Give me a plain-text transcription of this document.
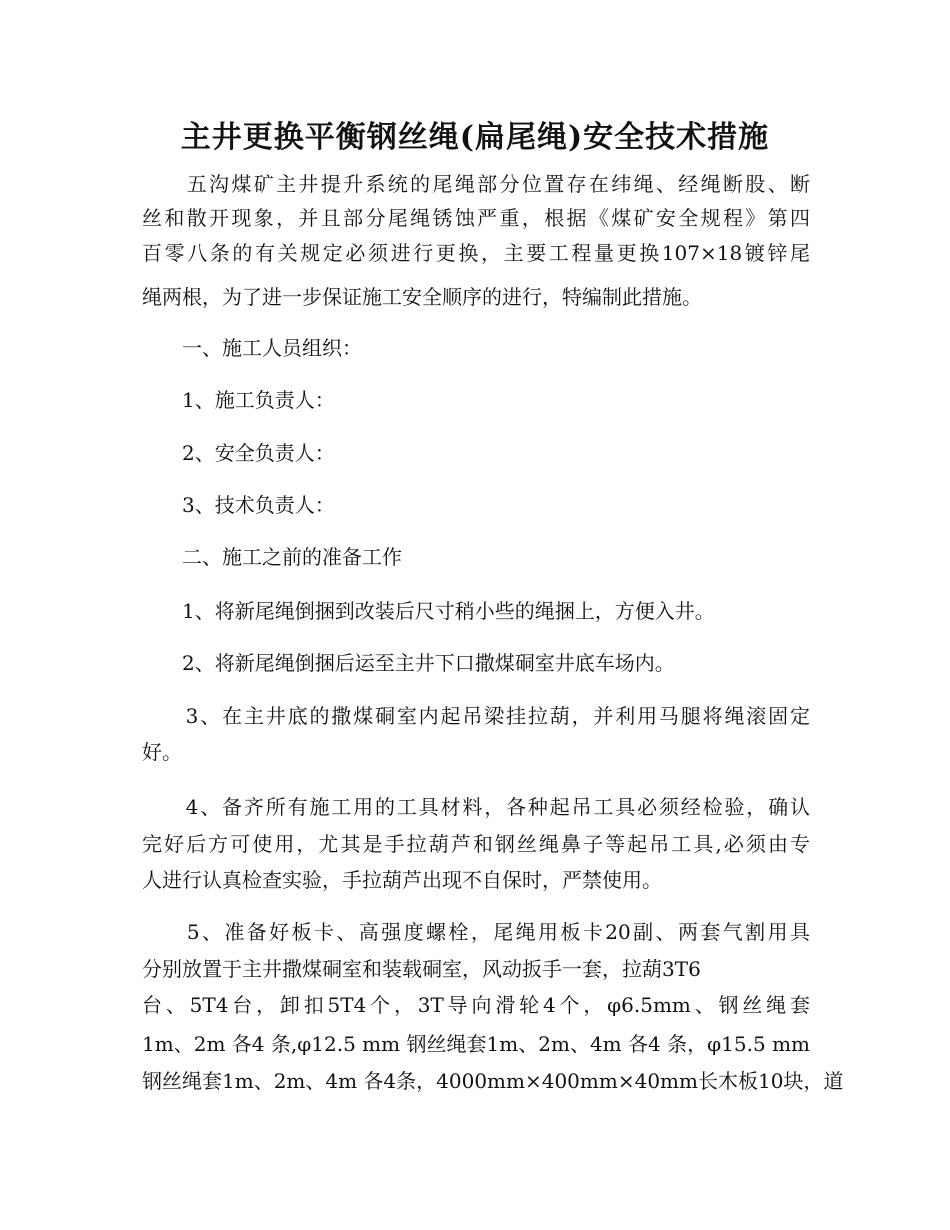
主井更换平衡钢丝绳(扁尾绳)安全技术措施
　　五沟煤矿主井提升系统的尾绳部分位置存在纬绳、经绳断股、断
丝和散开现象，并且部分尾绳锈蚀严重，根据《煤矿安全规程》第四
百零八条的有关规定必须进行更换，主要工程量更换107×18镀锌尾
绳两根，为了进一步保证施工安全顺序的进行，特编制此措施。
　　一、施工人员组织：
　　1、施工负责人：
　　2、安全负责人：
　　3、技术负责人：
　　二、施工之前的准备工作
　　1、将新尾绳倒捆到改装后尺寸稍小些的绳捆上，方便入井。
　　2、将新尾绳倒捆后运至主井下口撒煤硐室井底车场内。
　　3、在主井底的撒煤硐室内起吊梁挂拉葫，并利用马腿将绳滚固定
好。
　　4、备齐所有施工用的工具材料，各种起吊工具必须经检验，确认
完好后方可使用，尤其是手拉葫芦和钢丝绳鼻子等起吊工具,必须由专
人进行认真检查实验，手拉葫芦出现不自保时，严禁使用。
　　5、准备好板卡、高强度螺栓，尾绳用板卡20副、两套气割用具
分别放置于主井撒煤硐室和装载硐室，风动扳手一套，拉葫3T6
台、5T4台，卸扣5T4个，3T导向滑轮4个，φ6.5mm、钢丝绳套
1m、2m 各4 条,φ12.5 mm 钢丝绳套1m、2m、4m 各4 条，φ15.5 mm
钢丝绳套1m、2m、4m 各4条，4000mm×400mm×40mm长木板10块，道
